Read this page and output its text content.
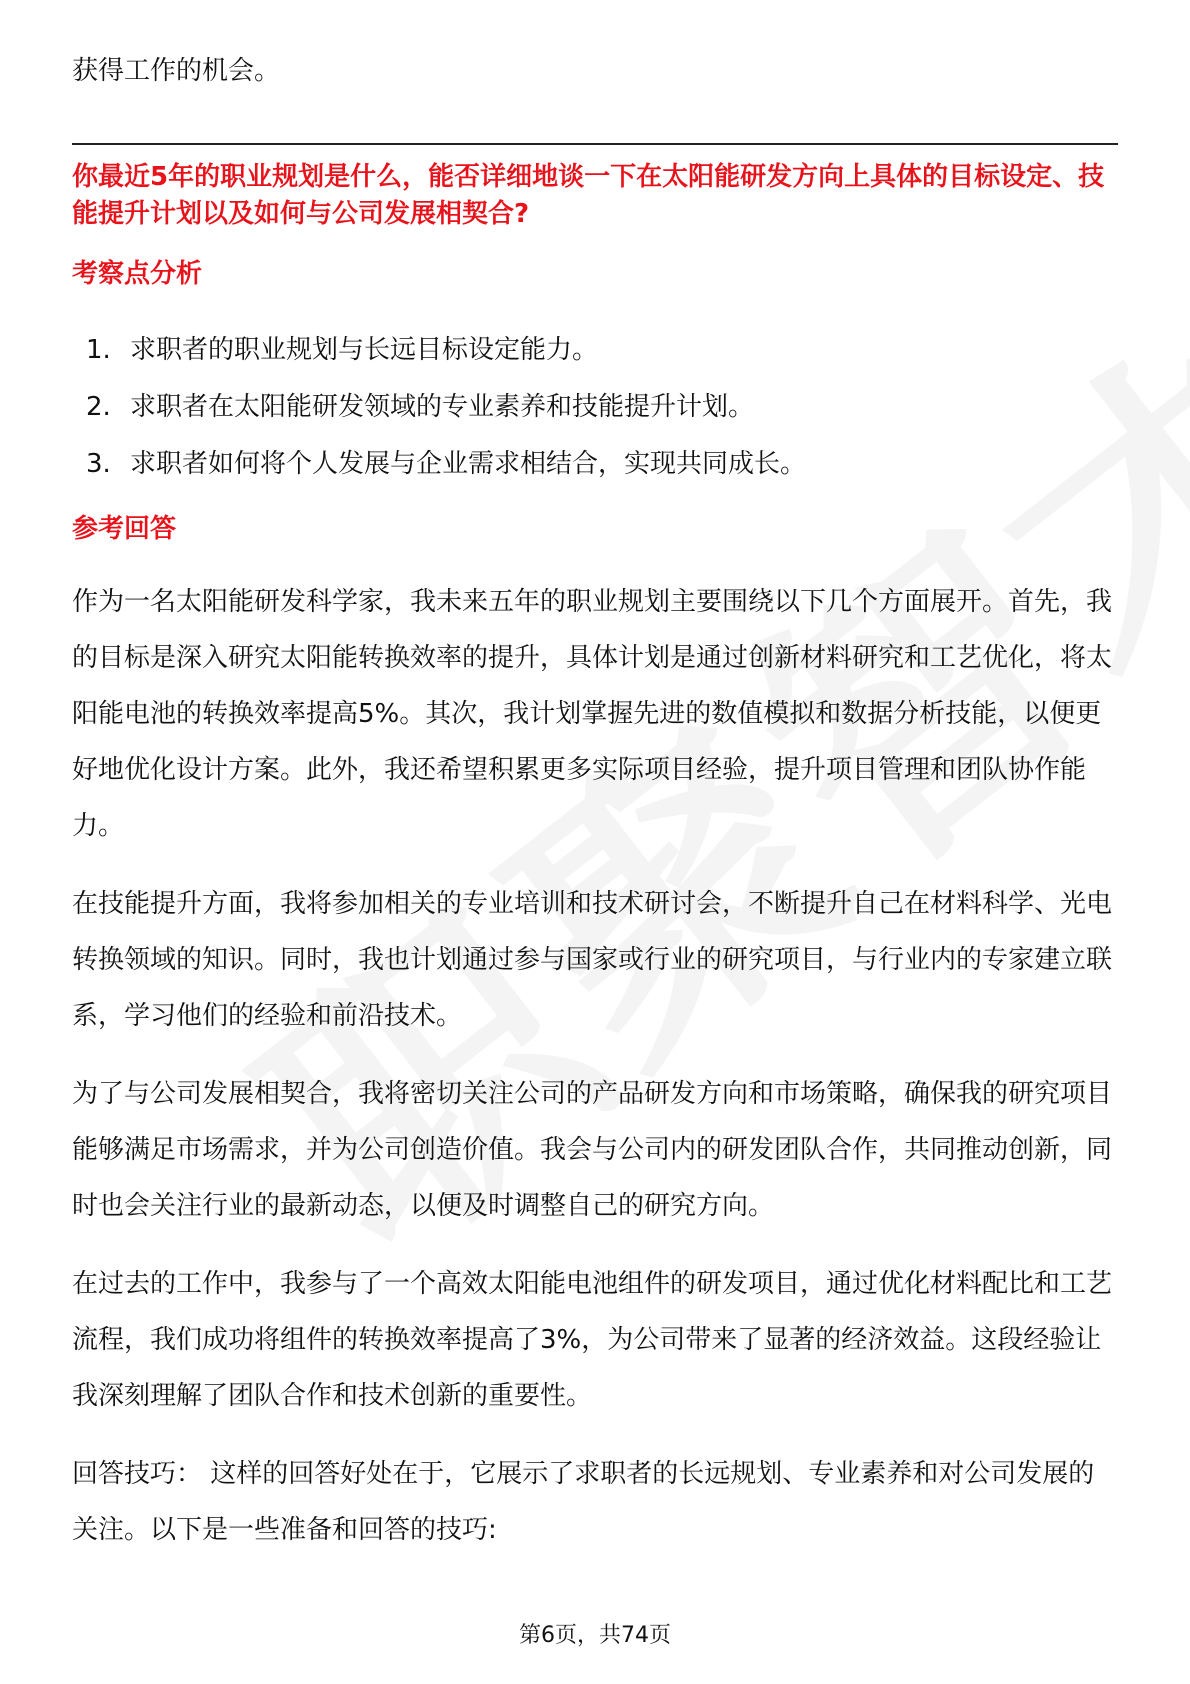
获得工作的机会。

你最近5年的职业规划是什么，能否详细地谈一下在太阳能研发方向上具体的目标设定、技能提升计划以及如何与公司发展相契合?

考察点分析

1. 求职者的职业规划与长远目标设定能力。
2. 求职者在太阳能研发领域的专业素养和技能提升计划。
3. 求职者如何将个人发展与企业需求相结合，实现共同成长。

参考回答

作为一名太阳能研发科学家，我未来五年的职业规划主要围绕以下几个方面展开。首先，我的目标是深入研究太阳能转换效率的提升，具体计划是通过创新材料研究和工艺优化，将太阳能电池的转换效率提高5%。其次，我计划掌握先进的数值模拟和数据分析技能，以便更好地优化设计方案。此外，我还希望积累更多实际项目经验，提升项目管理和团队协作能力。

在技能提升方面，我将参加相关的专业培训和技术研讨会，不断提升自己在材料科学、光电转换领域的知识。同时，我也计划通过参与国家或行业的研究项目，与行业内的专家建立联系，学习他们的经验和前沿技术。

为了与公司发展相契合，我将密切关注公司的产品研发方向和市场策略，确保我的研究项目能够满足市场需求，并为公司创造价值。我会与公司内的研发团队合作，共同推动创新，同时也会关注行业的最新动态，以便及时调整自己的研究方向。

在过去的工作中，我参与了一个高效太阳能电池组件的研发项目，通过优化材料配比和工艺流程，我们成功将组件的转换效率提高了3%，为公司带来了显著的经济效益。这段经验让我深刻理解了团队合作和技术创新的重要性。

回答技巧： 这样的回答好处在于，它展示了求职者的长远规划、专业素养和对公司发展的关注。以下是一些准备和回答的技巧:

第6页，共74页
